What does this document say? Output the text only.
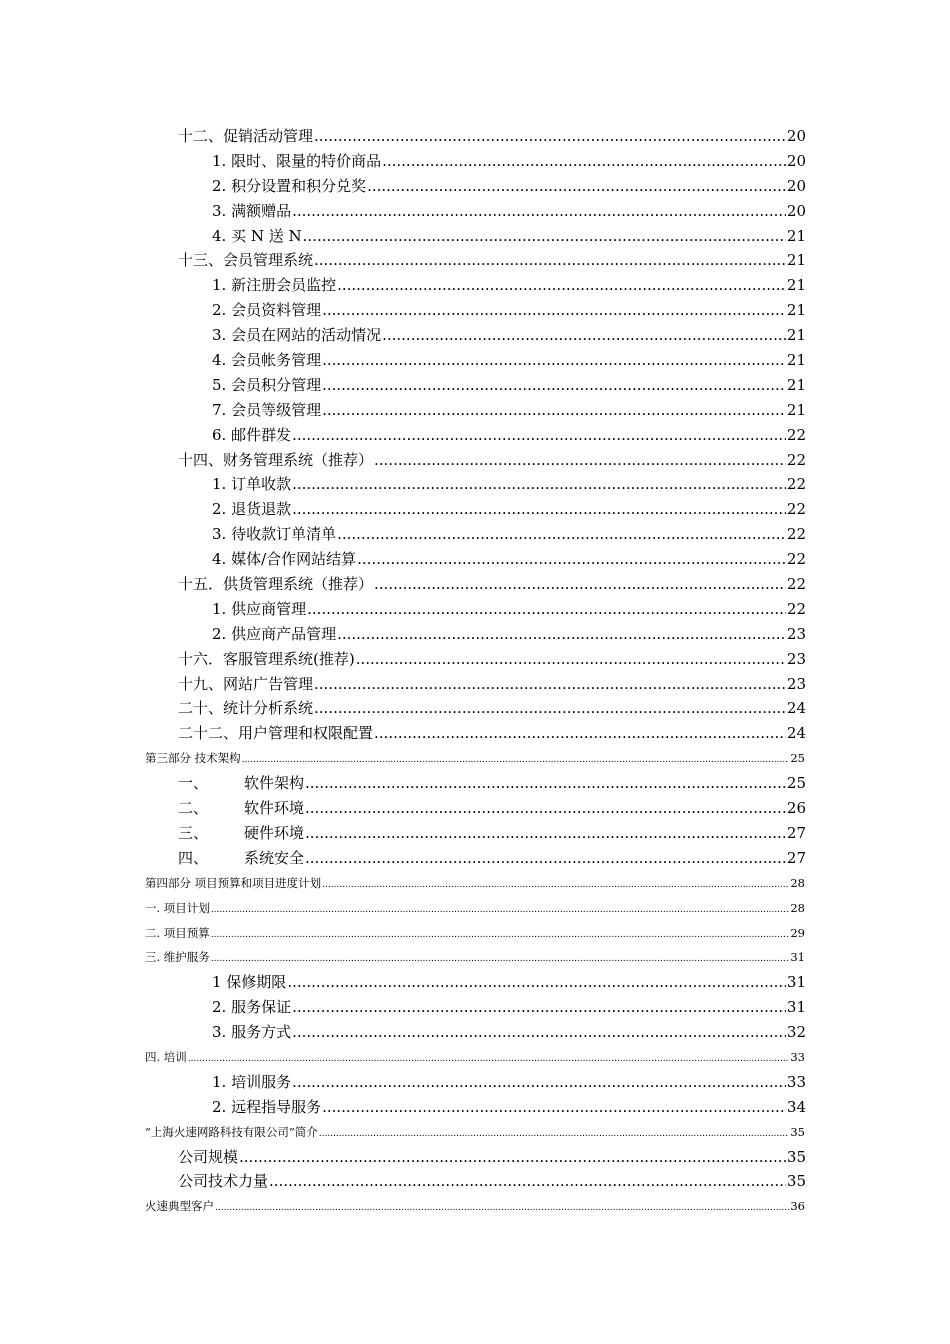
十二、促销活动管理 .....	20
1. 限时、限量的特价商品 .....	20
2. 积分设置和积分兑奖 .....	20
3. 满额赠品 .....	20
4. 买 N 送 N .....	21
十三、会员管理系统 .....	21
1. 新注册会员监控 .....	21
2. 会员资料管理 .....	21
3. 会员在网站的活动情况 .....	21
4. 会员帐务管理 .....	21
5. 会员积分管理 .....	21
7. 会员等级管理 .....	21
6. 邮件群发 .....	22
十四、财务管理系统（推荐） .....	22
1. 订单收款 .....	22
2. 退货退款 .....	22
3. 待收款订单清单 .....	22
4. 媒体/合作网站结算 .....	22
十五．供货管理系统（推荐） .....	22
1. 供应商管理 .....	22
2. 供应商产品管理 .....	23
十六．客服管理系统(推荐) .....	23
十九、网站广告管理 .....	23
二十、统计分析系统 .....	24
二十二、用户管理和权限配置 .....	24
第三部分 技术架构 .....	25
一、 软件架构 .....	25
二、 软件环境 .....	26
三、 硬件环境 .....	27
四、 系统安全 .....	27
第四部分 项目预算和项目进度计划 .....	28
一. 项目计划 .....	28
二. 项目预算 .....	29
三. 维护服务 .....	31
1 保修期限 .....	31
2. 服务保证 .....	31
3. 服务方式 .....	32
四. 培训 .....	33
1. 培训服务 .....	33
2. 远程指导服务 .....	34
“上海火速网路科技有限公司”简介 .....	35
公司规模 .....	35
公司技术力量 .....	35
火速典型客户 .....	36
